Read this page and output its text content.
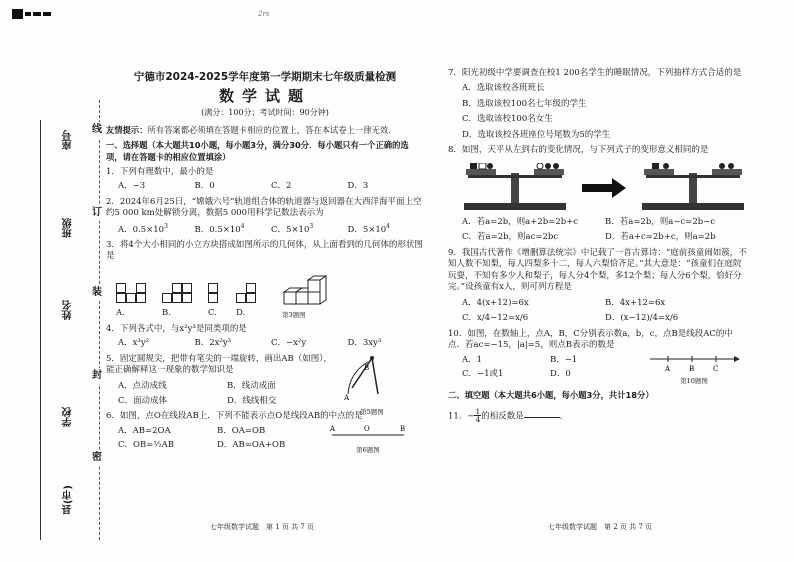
2rs
座号
班级
姓名
学校
县(市)
线
订
装
封
密
宁德市2024-2025学年度第一学期期末七年级质量检测
数学试题
(满分：100分；考试时间：90分钟)
友情提示：所有答案都必须填在答题卡相应的位置上，答在本试卷上一律无效.
一、选择题（本大题共10小题，每小题3分，满分30分．每小题只有一个正确的选项，请在答题卡的相应位置填涂）
1．下列有理数中，最小的是
A．−3	B．0	C．2	D．3
2．2024年6月25日，“嫦娥六号”轨道组合体的轨道器与返回器在大西洋海平面上空约5 000 km处解锁分离，数据5 000用科学记数法表示为
A．$0.5\times 10^3$	B．$0.5\times 10^4$	C．$5\times 10^3$	D．$5\times 10^4$
3．将4个大小相同的小立方块搭成如图所示的几何体，从上面看到的几何体的形状图是
A.	B.	C. D.	第3题图
4．下列各式中，与x²y³是同类项的是
A．x³y²	B．2x²y³	C．−x²y	D．3xy³
5．固定圆规尖，把带有笔尖的一端旋转，画出AB（如图），能正确解释这一现象的数学知识是
A．点动成线	B．线动成面
C．面动成体	D．线线相交	A
B
第5题图
6．如图，点O在线段AB上．下列不能表示点O是线段AB的中点的是
A．AB=2OA	B．OA=OB
C．OB=½AB	D．AB=OA+OB
A	O	B
第6题图
七年级数学试题　第 1 页 共 7 页
7．阳光初级中学要调查在校1 200名学生的睡眠情况，下列抽样方式合适的是
A．选取该校各班班长
B．选取该校100名七年级的学生
C．选取该校100名女生
D．选取该校各班座位号尾数为5的学生
8．如图，天平从左到右的变化情况，与下列式子的变形意义相同的是
A．若a=2b，则a+2b=2b+c	B．若a=2b，则a−c=2b−c
C．若a=2b，则ac=2bc	D．若a+c=2b+c，则a=2b
9．我国古代著作《增删算法统宗》中记载了一首古算诗：“庭前孩童闹如簇，不知人数不知梨，每人四梨多十二，每人六梨恰齐足。”其大意是：“孩童们在庭院玩耍，不知有多少人和梨子，每人分4个梨，多12个梨；每人分6个梨，恰好分完。”设孩童有x人，则可列方程是
A．4(x+12)=6x	B．4x+12=6x
C．x/4−12=x/6	D．(x−12)/4=x/6
10．如图，在数轴上，点A，B，C分别表示数a，b，c，点B是线段AC的中点．若ac=−15，|a|=5，则点B表示的数是
A．1	B．−1
C．−1或1	D．0
A	B	C
第10题图
二、填空题（本大题共6小题，每小题3分，共计18分）
11．− $\frac{1}{4}$ 的相反数是	．
七年级数学试题　第 2 页 共 7 页
